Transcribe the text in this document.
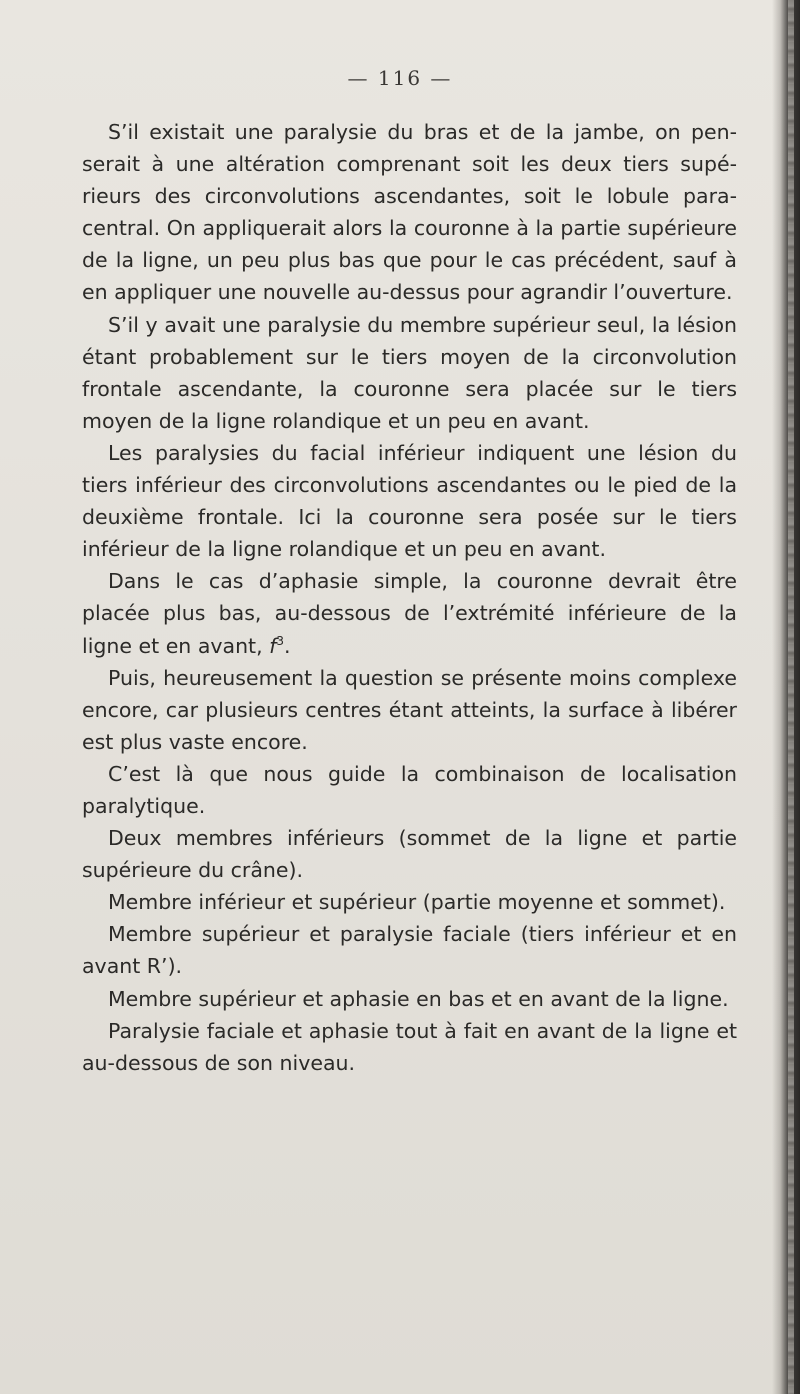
— 116 —

S’il existait une paralysie du bras et de la jambe, on penserait à une altération comprenant soit les deux tiers supérieurs des circonvolutions ascendantes, soit le lobule paracentral. On appliquerait alors la couronne à la partie supérieure de la ligne, un peu plus bas que pour le cas précédent, sauf à en appliquer une nouvelle au-dessus pour agrandir l’ouverture.

S’il y avait une paralysie du membre supérieur seul, la lésion étant probablement sur le tiers moyen de la circonvolution frontale ascendante, la couronne sera placée sur le tiers moyen de la ligne rolandique et un peu en avant.

Les paralysies du facial inférieur indiquent une lésion du tiers inférieur des circonvolutions ascendantes ou le pied de la deuxième frontale. Ici la couronne sera posée sur le tiers inférieur de la ligne rolandique et un peu en avant.

Dans le cas d’aphasie simple, la couronne devrait être placée plus bas, au-dessous de l’extrémité inférieure de la ligne et en avant, $f^3$.

Puis, heureusement la question se présente moins complexe encore, car plusieurs centres étant atteints, la surface à libérer est plus vaste encore.

C’est là que nous guide la combinaison de localisation paralytique.

Deux membres inférieurs (sommet de la ligne et partie supérieure du crâne).

Membre inférieur et supérieur (partie moyenne et sommet).

Membre supérieur et paralysie faciale (tiers inférieur et en avant R’).

Membre supérieur et aphasie en bas et en avant de la ligne.

Paralysie faciale et aphasie tout à fait en avant de la ligne et au-dessous de son niveau.
